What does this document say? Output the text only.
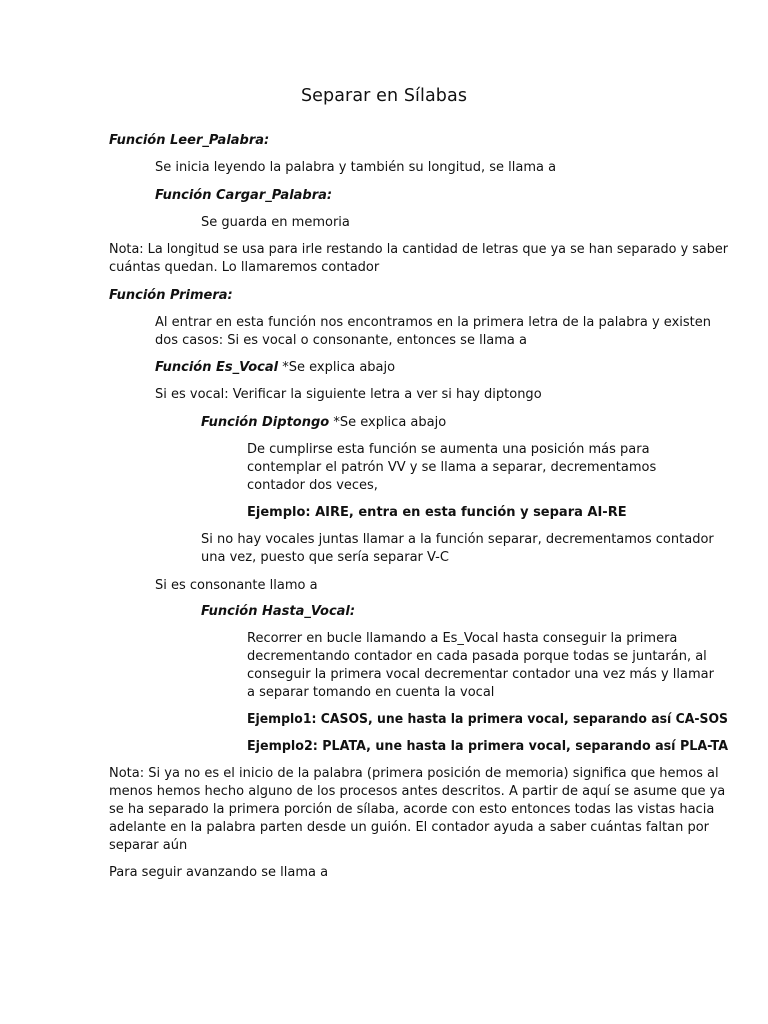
Separar en Sílabas
Función Leer_Palabra:
Se inicia leyendo la palabra y también su longitud, se llama a
Función Cargar_Palabra:
Se guarda en memoria
Nota: La longitud se usa para irle restando la cantidad de letras que ya se han separado y saber
cuántas quedan. Lo llamaremos contador
Función Primera:
Al entrar en esta función nos encontramos en la primera letra de la palabra y existen
dos casos: Si es vocal o consonante, entonces se llama a
Función Es_Vocal *Se explica abajo
Si es vocal: Verificar la siguiente letra a ver si hay diptongo
Función Diptongo *Se explica abajo
De cumplirse esta función se aumenta una posición más para
contemplar el patrón VV y se llama a separar, decrementamos
contador dos veces,
Ejemplo: AIRE, entra en esta función y separa AI-RE
Si no hay vocales juntas llamar a la función separar, decrementamos contador
una vez, puesto que sería separar V-C
Si es consonante llamo a
Función Hasta_Vocal:
Recorrer en bucle llamando a Es_Vocal hasta conseguir la primera
decrementando contador en cada pasada porque todas se juntarán, al
conseguir la primera vocal decrementar contador una vez más y llamar
a separar tomando en cuenta la vocal
Ejemplo1: CASOS, une hasta la primera vocal, separando así CA-SOS
Ejemplo2: PLATA, une hasta la primera vocal, separando así PLA-TA
Nota: Si ya no es el inicio de la palabra (primera posición de memoria) significa que hemos al
menos hemos hecho alguno de los procesos antes descritos. A partir de aquí se asume que ya
se ha separado la primera porción de sílaba, acorde con esto entonces todas las vistas hacia
adelante en la palabra parten desde un guión. El contador ayuda a saber cuántas faltan por
separar aún
Para seguir avanzando se llama a
